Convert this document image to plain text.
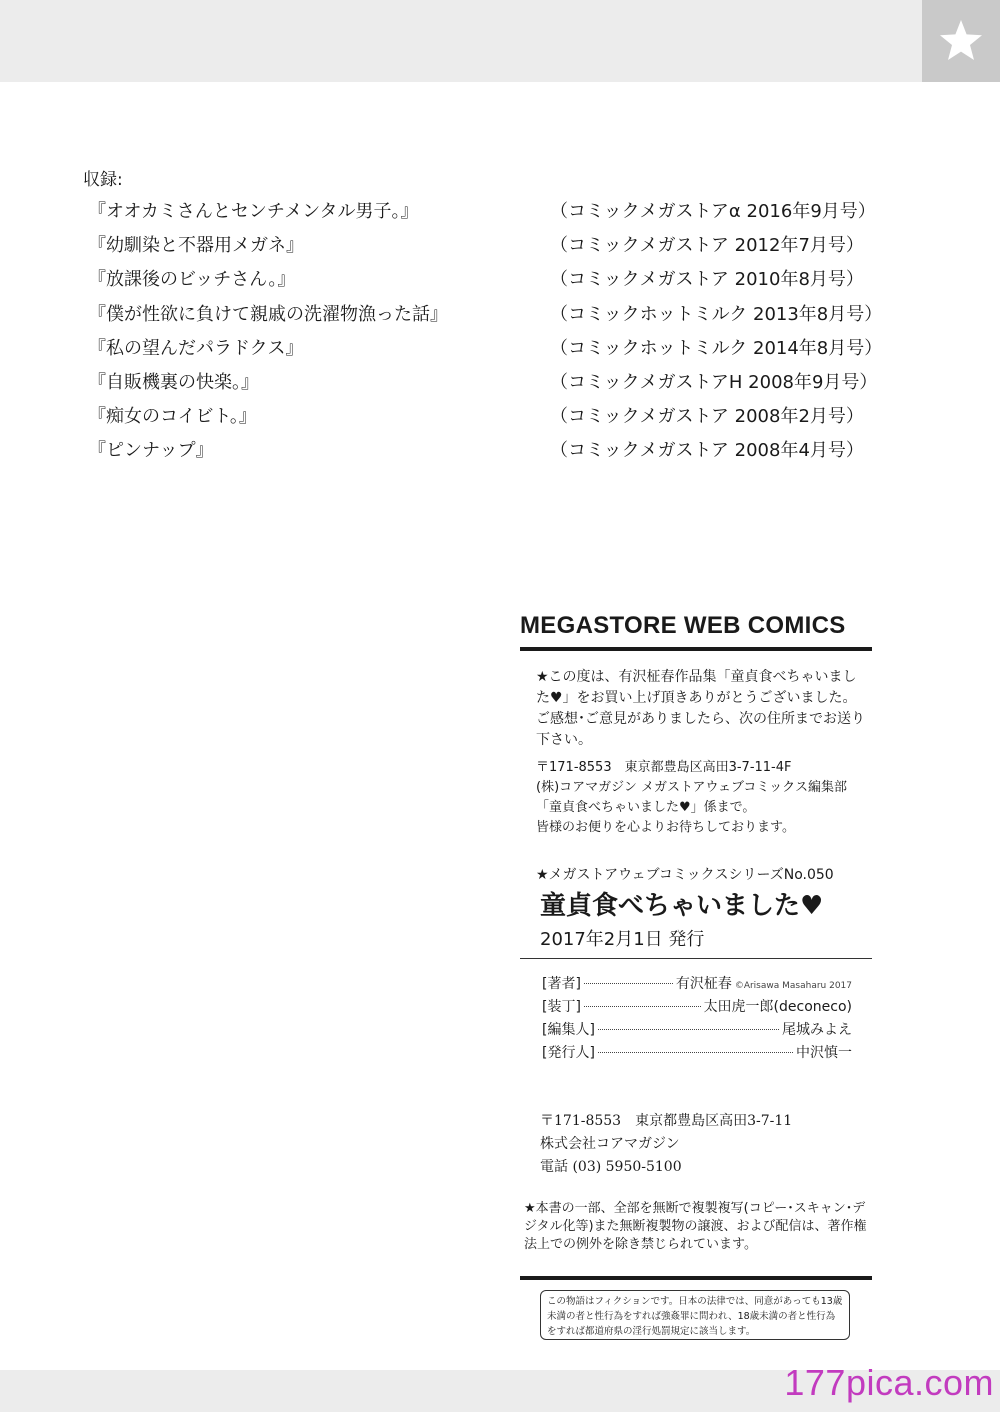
収録:
『オオカミさんとセンチメンタル男子。』	（コミックメガストアα 2016年9月号）
『幼馴染と不器用メガネ』	（コミックメガストア 2012年7月号）
『放課後のビッチさん。』	（コミックメガストア 2010年8月号）
『僕が性欲に負けて親戚の洗濯物漁った話』	（コミックホットミルク 2013年8月号）
『私の望んだパラドクス』	（コミックホットミルク 2014年8月号）
『自販機裏の快楽。』	（コミックメガストアH 2008年9月号）
『痴女のコイビト。』	（コミックメガストア 2008年2月号）
『ピンナップ』	（コミックメガストア 2008年4月号）
MEGASTORE WEB COMICS
★この度は、有沢柾春作品集「童貞食べちゃいました♥」をお買い上げ頂きありがとうございました。ご感想･ご意見がありましたら、次の住所までお送り下さい。
〒171-8553　東京都豊島区高田3-7-11-4F
(株)コアマガジン メガストアウェブコミックス編集部
「童貞食べちゃいました♥」係まで。
皆様のお便りを心よりお待ちしております。
★メガストアウェブコミックスシリーズNo.050
童貞食べちゃいました♥
2017年2月1日 発行
[著者]	有沢柾春 ©Arisawa Masaharu 2017
[装丁]	太田虎一郎(deconeco)
[編集人]	尾城みよえ
[発行人]	中沢慎一
〒171-8553　東京都豊島区高田3-7-11
株式会社コアマガジン
電話 (03) 5950-5100
★本書の一部、全部を無断で複製複写(コピー･スキャン･デジタル化等)また無断複製物の譲渡、および配信は、著作権法上での例外を除き禁じられています。
この物語はフィクションです。日本の法律では、同意があっても13歳未満の者と性行為をすれば強姦罪に問われ、18歳未満の者と性行為をすれば都道府県の淫行処罰規定に該当します。
177pica.com
